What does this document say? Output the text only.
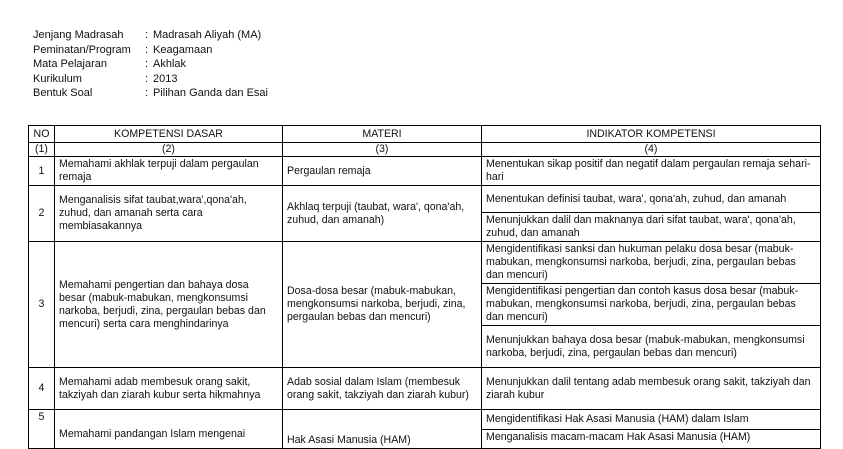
Jenjang Madrasah	: Madrasah Aliyah (MA)
Peminatan/Program	: Keagamaan
Mata Pelajaran	: Akhlak
Kurikulum	: 2013
Bentuk Soal	: Pilihan Ganda dan Esai
NO	KOMPETENSI DASAR	MATERI	INDIKATOR KOMPETENSI
(1)	(2)	(3)	(4)
1	Memahami akhlak terpuji dalam pergaulan remaja	Pergaulan remaja	Menentukan sikap positif dan negatif dalam pergaulan remaja sehari-hari
2	Menganalisis sifat taubat,wara',qona'ah, zuhud, dan amanah serta cara membiasakannya	Akhlaq terpuji (taubat, wara', qona'ah, zuhud, dan amanah)	Menentukan definisi taubat, wara', qona'ah, zuhud, dan amanah
			Menunjukkan dalil dan maknanya dari sifat taubat, wara', qona'ah, zuhud, dan amanah
3	Memahami pengertian dan bahaya dosa besar (mabuk-mabukan, mengkonsumsi narkoba, berjudi, zina, pergaulan bebas dan mencuri) serta cara menghindarinya	Dosa-dosa besar (mabuk-mabukan, mengkonsumsi narkoba, berjudi, zina, pergaulan bebas dan mencuri)	Mengidentifikasi sanksi dan hukuman pelaku dosa besar (mabuk-mabukan, mengkonsumsi narkoba, berjudi, zina, pergaulan bebas dan mencuri)
			Mengidentifikasi pengertian dan contoh kasus dosa besar (mabuk-mabukan, mengkonsumsi narkoba, berjudi, zina, pergaulan bebas dan mencuri)
			Menunjukkan bahaya dosa besar (mabuk-mabukan, mengkonsumsi narkoba, berjudi, zina, pergaulan bebas dan mencuri)
4	Memahami adab membesuk orang sakit, takziyah dan ziarah kubur serta hikmahnya	Adab sosial dalam Islam (membesuk orang sakit, takziyah dan ziarah kubur)	Menunjukkan dalil tentang adab membesuk orang sakit, takziyah dan ziarah kubur
5	Memahami pandangan Islam mengenai	Hak Asasi Manusia (HAM)	Mengidentifikasi Hak Asasi Manusia (HAM) dalam Islam
			Menganalisis macam-macam Hak Asasi Manusia (HAM)
